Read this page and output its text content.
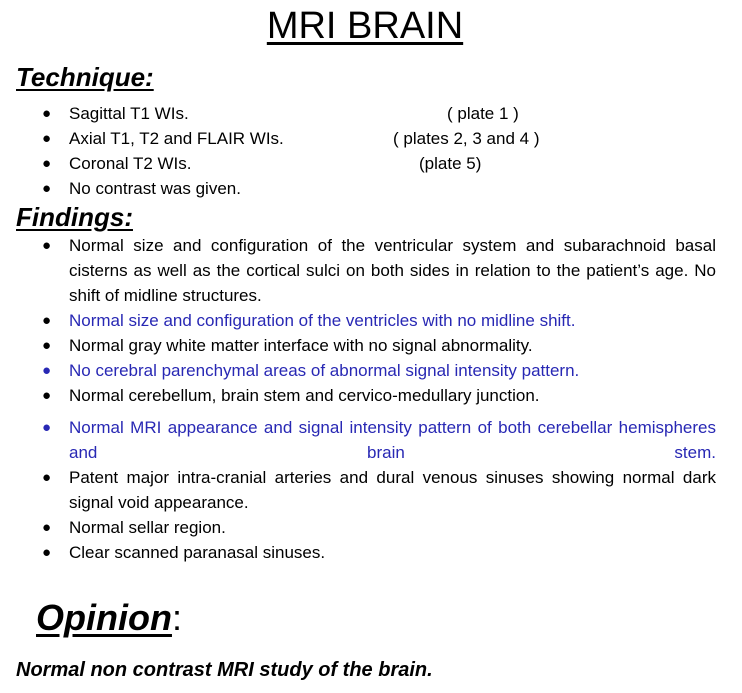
MRI BRAIN
Technique:
● Sagittal T1 WIs.	( plate 1 )
● Axial T1, T2 and FLAIR WIs.	( plates 2, 3 and 4 )
● Coronal T2 WIs.	(plate 5)
● No contrast was given.
Findings:
● Normal size and configuration of the ventricular system and subarachnoid basal cisterns as well as the cortical sulci on both sides in relation to the patient’s age. No shift of midline structures.
● Normal size and configuration of the ventricles with no midline shift.
● Normal gray white matter interface with no signal abnormality.
● No cerebral parenchymal areas of abnormal signal intensity pattern.
● Normal cerebellum, brain stem and cervico-medullary junction.
● Normal MRI appearance and signal intensity pattern of both cerebellar hemispheres and brain stem.
● Patent major intra-cranial arteries and dural venous sinuses showing normal dark signal void appearance.
● Normal sellar region.
● Clear scanned paranasal sinuses.
Opinion:
Normal non contrast MRI study of the brain.
